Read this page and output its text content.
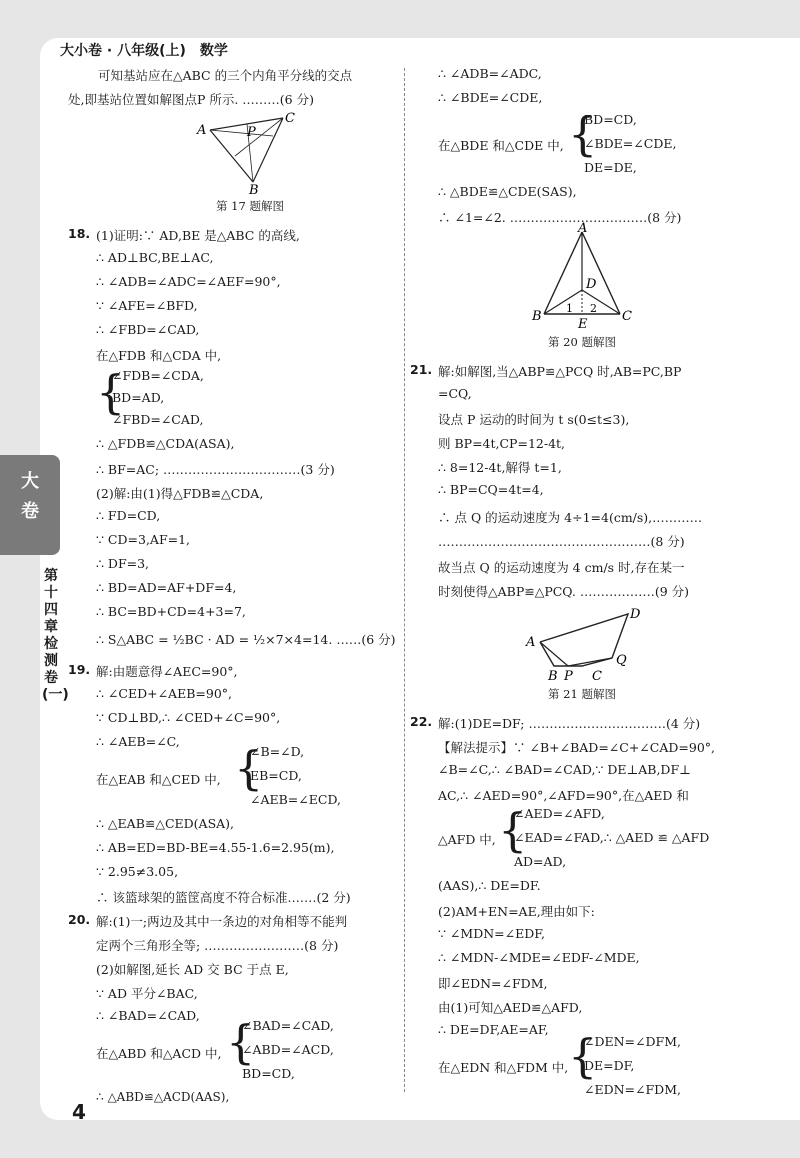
大小卷 · 八年级(上)　数学
大
卷
第十四章检测卷(一)
4
可知基站应在△ABC 的三个内角平分线的交点
处,即基站位置如解图点P 所示. ………(6 分)
A	P
C
B
第 17 题解图
18. (1)证明:∵ AD,BE 是△ABC 的高线,
∴ AD⊥BC,BE⊥AC,
∴ ∠ADB=∠ADC=∠AEF=90°,
∵ ∠AFE=∠BFD,
∴ ∠FBD=∠CAD,
在△FDB 和△CDA 中,
{
∠FDB=∠CDA,
BD=AD,
∠FBD=∠CAD,
∴ △FDB≌△CDA(ASA),
∴ BF=AC; ……………………………(3 分)
(2)解:由(1)得△FDB≌△CDA,
∴ FD=CD,
∵ CD=3,AF=1,
∴ DF=3,
∴ BD=AD=AF+DF=4,
∴ BC=BD+CD=4+3=7,
∴ S△ABC = ½BC · AD = ½×7×4=14. ……(6 分)
19. 解:由题意得∠AEC=90°,
∴ ∠CED+∠AEB=90°,
∵ CD⊥BD,∴ ∠CED+∠C=90°,
∴ ∠AEB=∠C,
在△EAB 和△CED 中, {
∠B=∠D,
EB=CD,
∠AEB=∠ECD,
∴ △EAB≌△CED(ASA),
∴ AB=ED=BD-BE=4.55-1.6=2.95(m),
∵ 2.95≠3.05,
∴ 该篮球架的篮筐高度不符合标准.……(2 分)
20. 解:(1)一;两边及其中一条边的对角相等不能判
定两个三角形全等; ……………………(8 分)
(2)如解图,延长 AD 交 BC 于点 E,
∵ AD 平分∠BAC,
∴ ∠BAD=∠CAD,
在△ABD 和△ACD 中, {
∠BAD=∠CAD,
∠ABD=∠ACD,
BD=CD,
∴ △ABD≌△ACD(AAS),
∴ ∠ADB=∠ADC,
∴ ∠BDE=∠CDE,
在△BDE 和△CDE 中, {
BD=CD,
∠BDE=∠CDE,
DE=DE,
∴ △BDE≌△CDE(SAS),
∴ ∠1=∠2. ……………………………(8 分)
A
D
B
1 2
C
E
第 20 题解图
21. 解:如解图,当△ABP≌△PCQ 时,AB=PC,BP
=CQ,
设点 P 运动的时间为 t s(0≤t≤3),
则 BP=4t,CP=12-4t,
∴ 8=12-4t,解得 t=1,
∴ BP=CQ=4t=4,
∴ 点 Q 的运动速度为 4÷1=4(cm/s),…………
……………………………………………(8 分)
故当点 Q 的运动速度为 4 cm/s 时,存在某一
时刻使得△ABP≌△PCQ. ………………(9 分)
A
D
Q
B P C
第 21 题解图
22. 解:(1)DE=DF; ……………………………(4 分)
【解法提示】∵ ∠B+∠BAD=∠C+∠CAD=90°,
∠B=∠C,∴ ∠BAD=∠CAD,∵ DE⊥AB,DF⊥
AC,∴ ∠AED=90°,∠AFD=90°,在△AED 和
△AFD 中, {
∠AED=∠AFD,
∠EAD=∠FAD,∴ △AED ≌ △AFD
AD=AD,
(AAS),∴ DE=DF.
(2)AM+EN=AE,理由如下:
∵ ∠MDN=∠EDF,
∴ ∠MDN-∠MDE=∠EDF-∠MDE,
即∠EDN=∠FDM,
由(1)可知△AED≌△AFD,
∴ DE=DF,AE=AF,
在△EDN 和△FDM 中, {
∠DEN=∠DFM,
DE=DF,
∠EDN=∠FDM,
